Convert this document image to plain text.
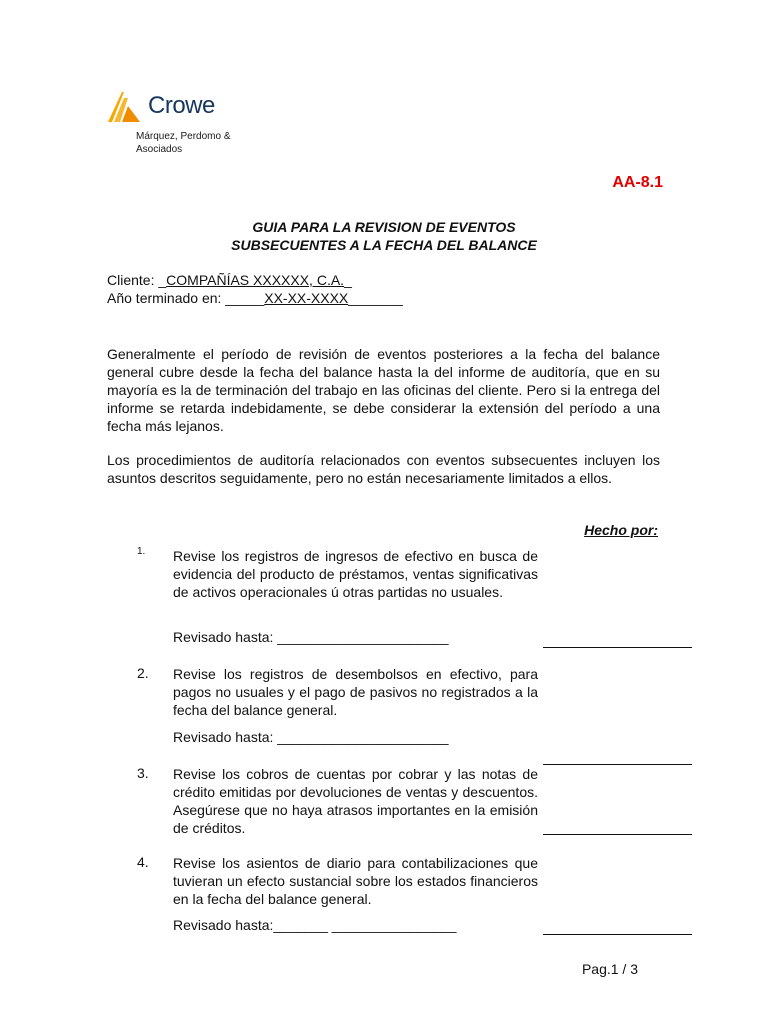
Crowe
Márquez, Perdomo &
Asociados
AA-8.1
GUIA PARA LA REVISION DE EVENTOS
SUBSECUENTES A LA FECHA DEL BALANCE
Cliente: _COMPAÑÍAS XXXXXX, C.A._
Año terminado en: _____XX-XX-XXXX_______
Generalmente el período de revisión de eventos posteriores a la fecha del balance general cubre desde la fecha del balance hasta la del informe de auditoría, que en su mayoría es la de terminación del trabajo en las oficinas del cliente. Pero si la entrega del informe se retarda indebidamente, se debe considerar la extensión del período a una fecha más lejanos.
Los procedimientos de auditoría relacionados con eventos subsecuentes incluyen los asuntos descritos seguidamente, pero no están necesariamente limitados a ellos.
Hecho por:
1. Revise los registros de ingresos de efectivo en busca de evidencia del producto de préstamos, ventas significativas de activos operacionales ú otras partidas no usuales.
Revisado hasta: ______________________
2. Revise los registros de desembolsos en efectivo, para pagos no usuales y el pago de pasivos no registrados a la fecha del balance general.
Revisado hasta: ______________________
3. Revise los cobros de cuentas por cobrar y las notas de crédito emitidas por devoluciones de ventas y descuentos. Asegúrese que no haya atrasos importantes en la emisión de créditos.
4. Revise los asientos de diario para contabilizaciones que tuvieran un efecto sustancial sobre los estados financieros en la fecha del balance general.
Revisado hasta:_______ ________________
Pag.1 / 3
